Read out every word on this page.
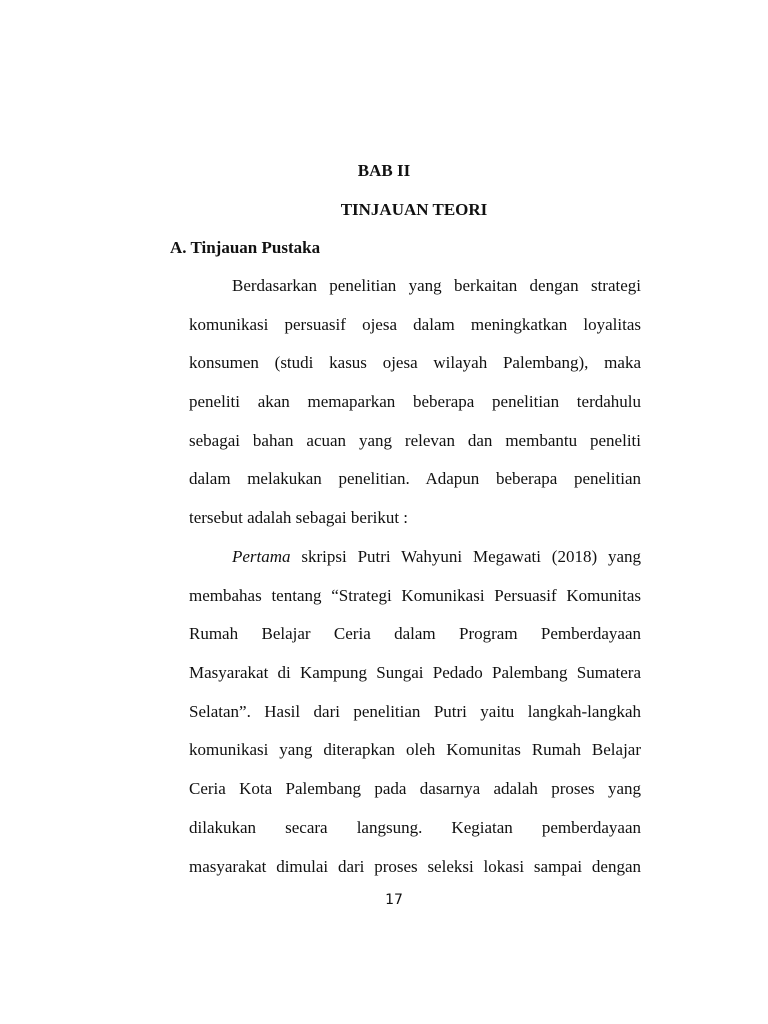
BAB II
TINJAUAN TEORI
A. Tinjauan Pustaka
Berdasarkan penelitian yang berkaitan dengan strategi
komunikasi persuasif ojesa dalam meningkatkan loyalitas
konsumen (studi kasus ojesa wilayah Palembang), maka
peneliti akan memaparkan beberapa penelitian terdahulu
sebagai bahan acuan yang relevan dan membantu peneliti
dalam melakukan penelitian. Adapun beberapa penelitian
tersebut adalah sebagai berikut :
Pertama skripsi Putri Wahyuni Megawati (2018) yang
membahas tentang “Strategi Komunikasi Persuasif Komunitas
Rumah Belajar Ceria dalam Program Pemberdayaan
Masyarakat di Kampung Sungai Pedado Palembang Sumatera
Selatan”. Hasil dari penelitian Putri yaitu langkah-langkah
komunikasi yang diterapkan oleh Komunitas Rumah Belajar
Ceria Kota Palembang pada dasarnya adalah proses yang
dilakukan secara langsung. Kegiatan pemberdayaan
masyarakat dimulai dari proses seleksi lokasi sampai dengan
17
